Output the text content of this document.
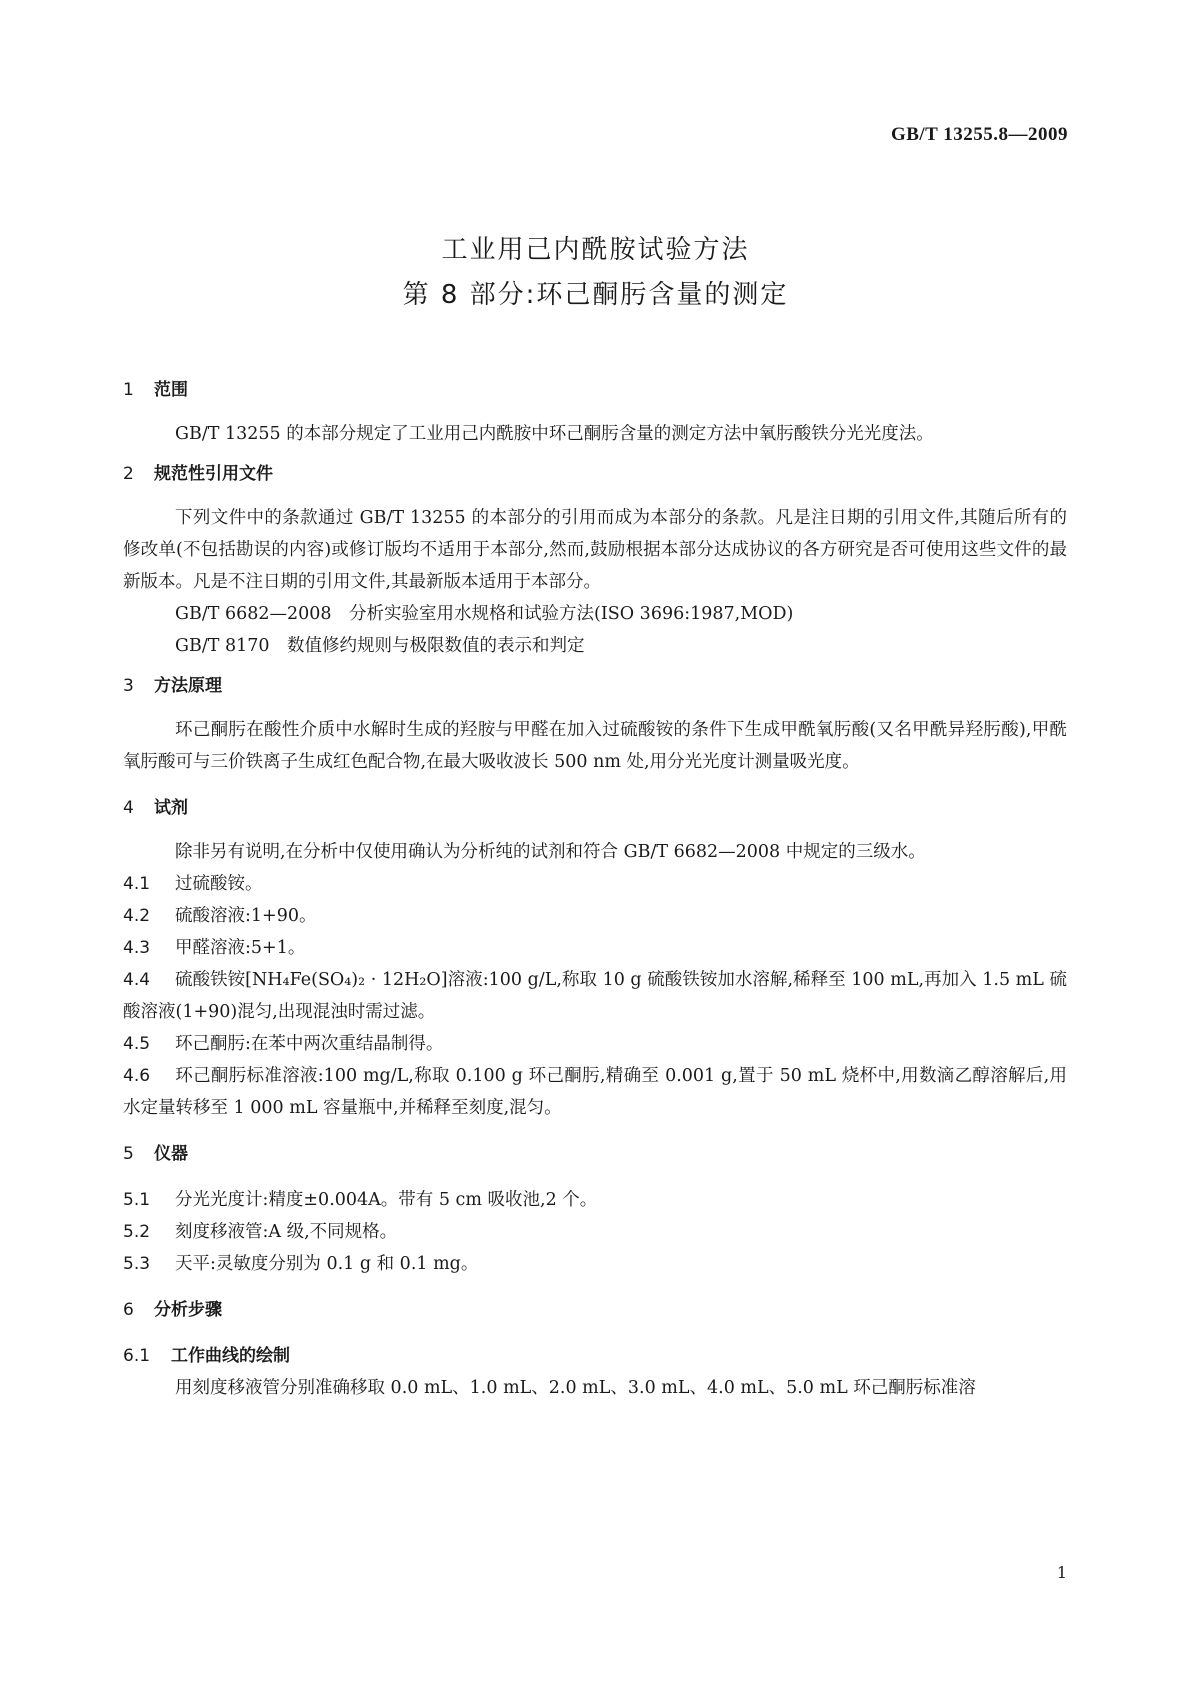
GB/T 13255.8—2009
工业用己内酰胺试验方法
第 8 部分:环己酮肟含量的测定
1 范围

GB/T 13255 的本部分规定了工业用己内酰胺中环己酮肟含量的测定方法中氧肟酸铁分光光度法。

2 规范性引用文件

下列文件中的条款通过 GB/T 13255 的本部分的引用而成为本部分的条款。凡是注日期的引用文件,其随后所有的修改单(不包括勘误的内容)或修订版均不适用于本部分,然而,鼓励根据本部分达成协议的各方研究是否可使用这些文件的最新版本。凡是不注日期的引用文件,其最新版本适用于本部分。

GB/T 6682—2008　分析实验室用水规格和试验方法(ISO 3696:1987,MOD)

GB/T 8170　数值修约规则与极限数值的表示和判定

3 方法原理

环己酮肟在酸性介质中水解时生成的羟胺与甲醛在加入过硫酸铵的条件下生成甲酰氧肟酸(又名甲酰异羟肟酸),甲酰氧肟酸可与三价铁离子生成红色配合物,在最大吸收波长 500 nm 处,用分光光度计测量吸光度。

4 试剂

除非另有说明,在分析中仅使用确认为分析纯的试剂和符合 GB/T 6682—2008 中规定的三级水。

4.1 过硫酸铵。

4.2 硫酸溶液:1+90。

4.3 甲醛溶液:5+1。

4.4 硫酸铁铵[NH₄Fe(SO₄)₂ · 12H₂O]溶液:100 g/L,称取 10 g 硫酸铁铵加水溶解,稀释至 100 mL,再加入 1.5 mL 硫酸溶液(1+90)混匀,出现混浊时需过滤。

4.5 环己酮肟:在苯中两次重结晶制得。

4.6 环己酮肟标准溶液:100 mg/L,称取 0.100 g 环己酮肟,精确至 0.001 g,置于 50 mL 烧杯中,用数滴乙醇溶解后,用水定量转移至 1 000 mL 容量瓶中,并稀释至刻度,混匀。

5 仪器

5.1 分光光度计:精度±0.004A。带有 5 cm 吸收池,2 个。

5.2 刻度移液管:A 级,不同规格。

5.3 天平:灵敏度分别为 0.1 g 和 0.1 mg。

6 分析步骤
6.1 工作曲线的绘制

用刻度移液管分别准确移取 0.0 mL、1.0 mL、2.0 mL、3.0 mL、4.0 mL、5.0 mL 环己酮肟标准溶

1
